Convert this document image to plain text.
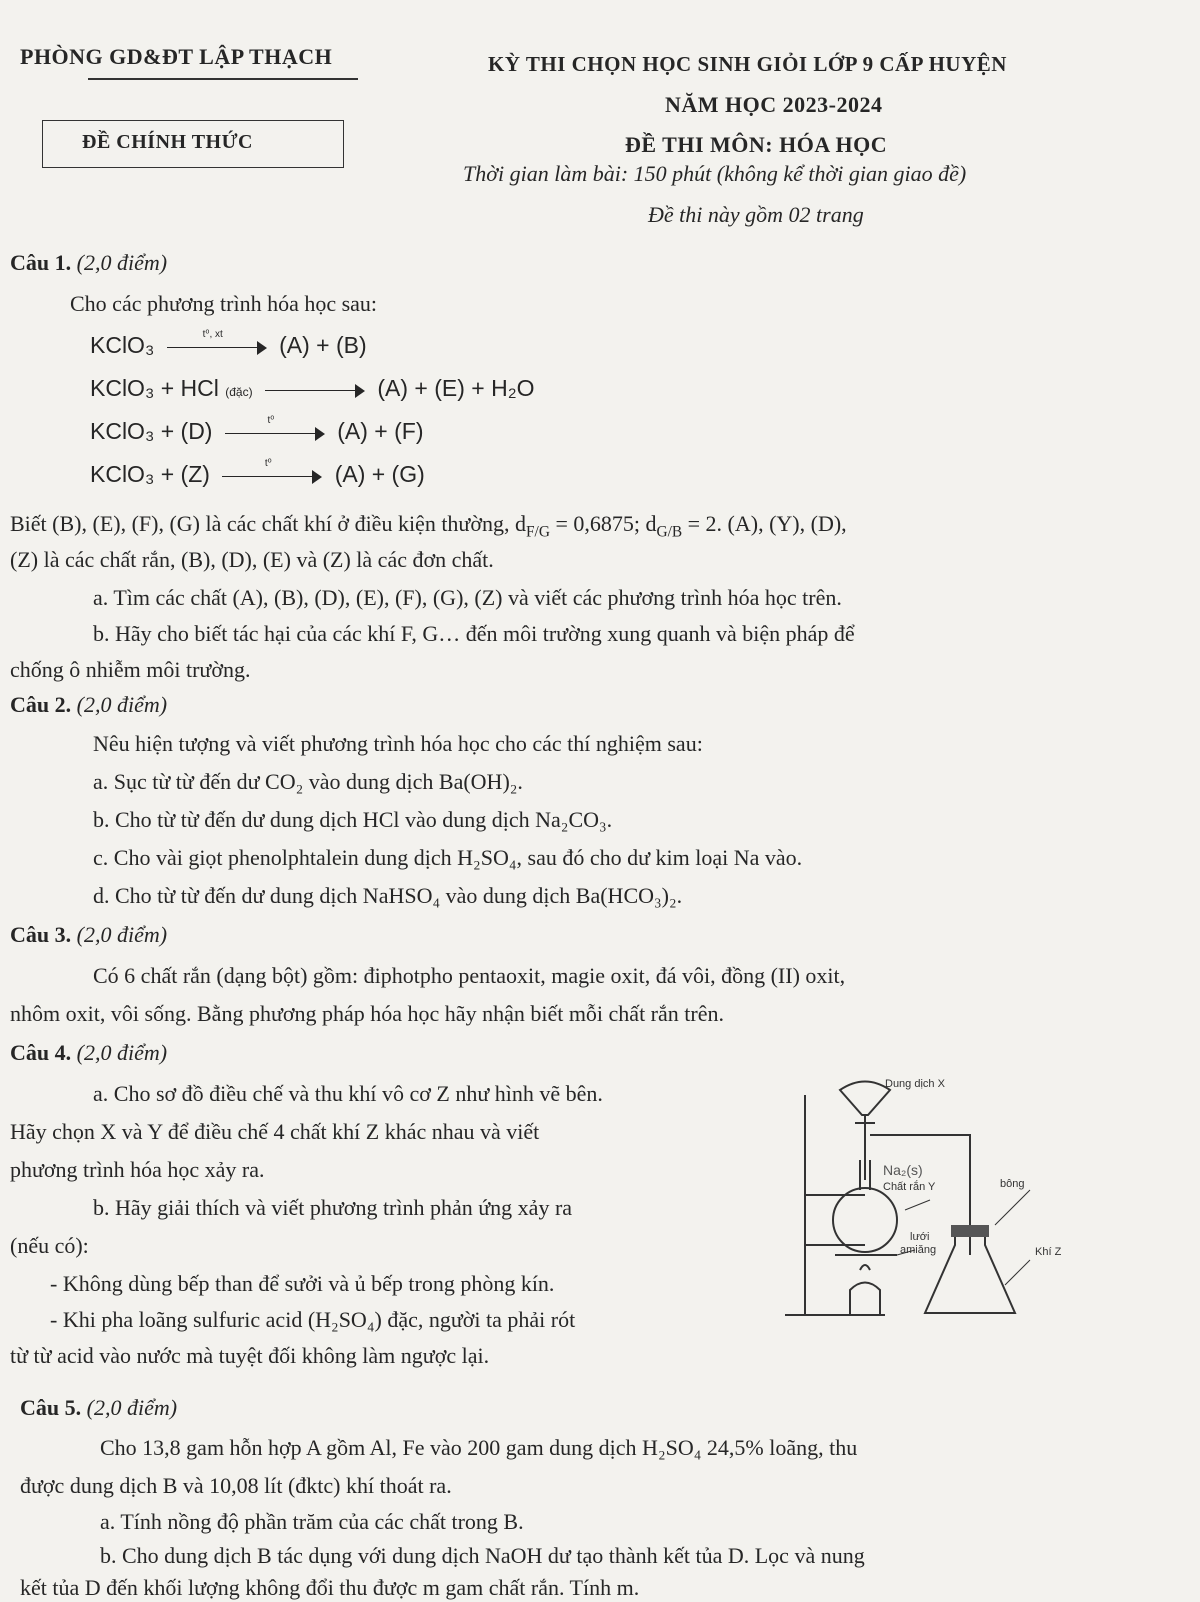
PHÒNG GD&ĐT LẬP THẠCH
ĐỀ CHÍNH THỨC
KỲ THI CHỌN HỌC SINH GIỎI LỚP 9 CẤP HUYỆN
NĂM HỌC 2023-2024
ĐỀ THI MÔN: HÓA HỌC
Thời gian làm bài: 150 phút (không kể thời gian giao đề)
Đề thi này gồm 02 trang
Câu 1. (2,0 điểm)
Cho các phương trình hóa học sau:
KClO₃	t⁰, xt	(A) + (B)
KClO₃ + HCl (đặc)	(A) + (E) + H₂O
KClO₃ + (D)	t⁰	(A) + (F)
KClO₃ + (Z)	t⁰	(A) + (G)
Biết (B), (E), (F), (G) là các chất khí ở điều kiện thường, $d_{F/G} = 0,6875$; $d_{G/B} = 2$. (A), (Y), (D),
(Z) là các chất rắn, (B), (D), (E) và (Z) là các đơn chất.
a. Tìm các chất (A), (B), (D), (E), (F), (G), (Z) và viết các phương trình hóa học trên.
b. Hãy cho biết tác hại của các khí F, G… đến môi trường xung quanh và biện pháp để
chống ô nhiễm môi trường.
Câu 2. (2,0 điểm)
Nêu hiện tượng và viết phương trình hóa học cho các thí nghiệm sau:
a. Sục từ từ đến dư CO₂ vào dung dịch Ba(OH)₂.
b. Cho từ từ đến dư dung dịch HCl vào dung dịch Na₂CO₃.
c. Cho vài giọt phenolphtalein dung dịch H₂SO₄, sau đó cho dư kim loại Na vào.
d. Cho từ từ đến dư dung dịch NaHSO₄ vào dung dịch Ba(HCO₃)₂.
Câu 3. (2,0 điểm)
Có 6 chất rắn (dạng bột) gồm: điphotpho pentaoxit, magie oxit, đá vôi, đồng (II) oxit,
nhôm oxit, vôi sống. Bằng phương pháp hóa học hãy nhận biết mỗi chất rắn trên.
Câu 4. (2,0 điểm)
a. Cho sơ đồ điều chế và thu khí vô cơ Z như hình vẽ bên.
Hãy chọn X và Y để điều chế 4 chất khí Z khác nhau và viết
phương trình hóa học xảy ra.
b. Hãy giải thích và viết phương trình phản ứng xảy ra
(nếu có):
- Không dùng bếp than để sưởi và ủ bếp trong phòng kín.
- Khi pha loãng sulfuric acid (H₂SO₄) đặc, người ta phải rót
từ từ acid vào nước mà tuyệt đối không làm ngược lại.
Dung dịch X
Chất rắn Y	bông
lưới
amiăng	Khí Z
Na₂(s)
Câu 5. (2,0 điểm)
Cho 13,8 gam hỗn hợp A gồm Al, Fe vào 200 gam dung dịch H₂SO₄ 24,5% loãng, thu
được dung dịch B và 10,08 lít (đktc) khí thoát ra.
a. Tính nồng độ phần trăm của các chất trong B.
b. Cho dung dịch B tác dụng với dung dịch NaOH dư tạo thành kết tủa D. Lọc và nung
kết tủa D đến khối lượng không đổi thu được m gam chất rắn. Tính m.
